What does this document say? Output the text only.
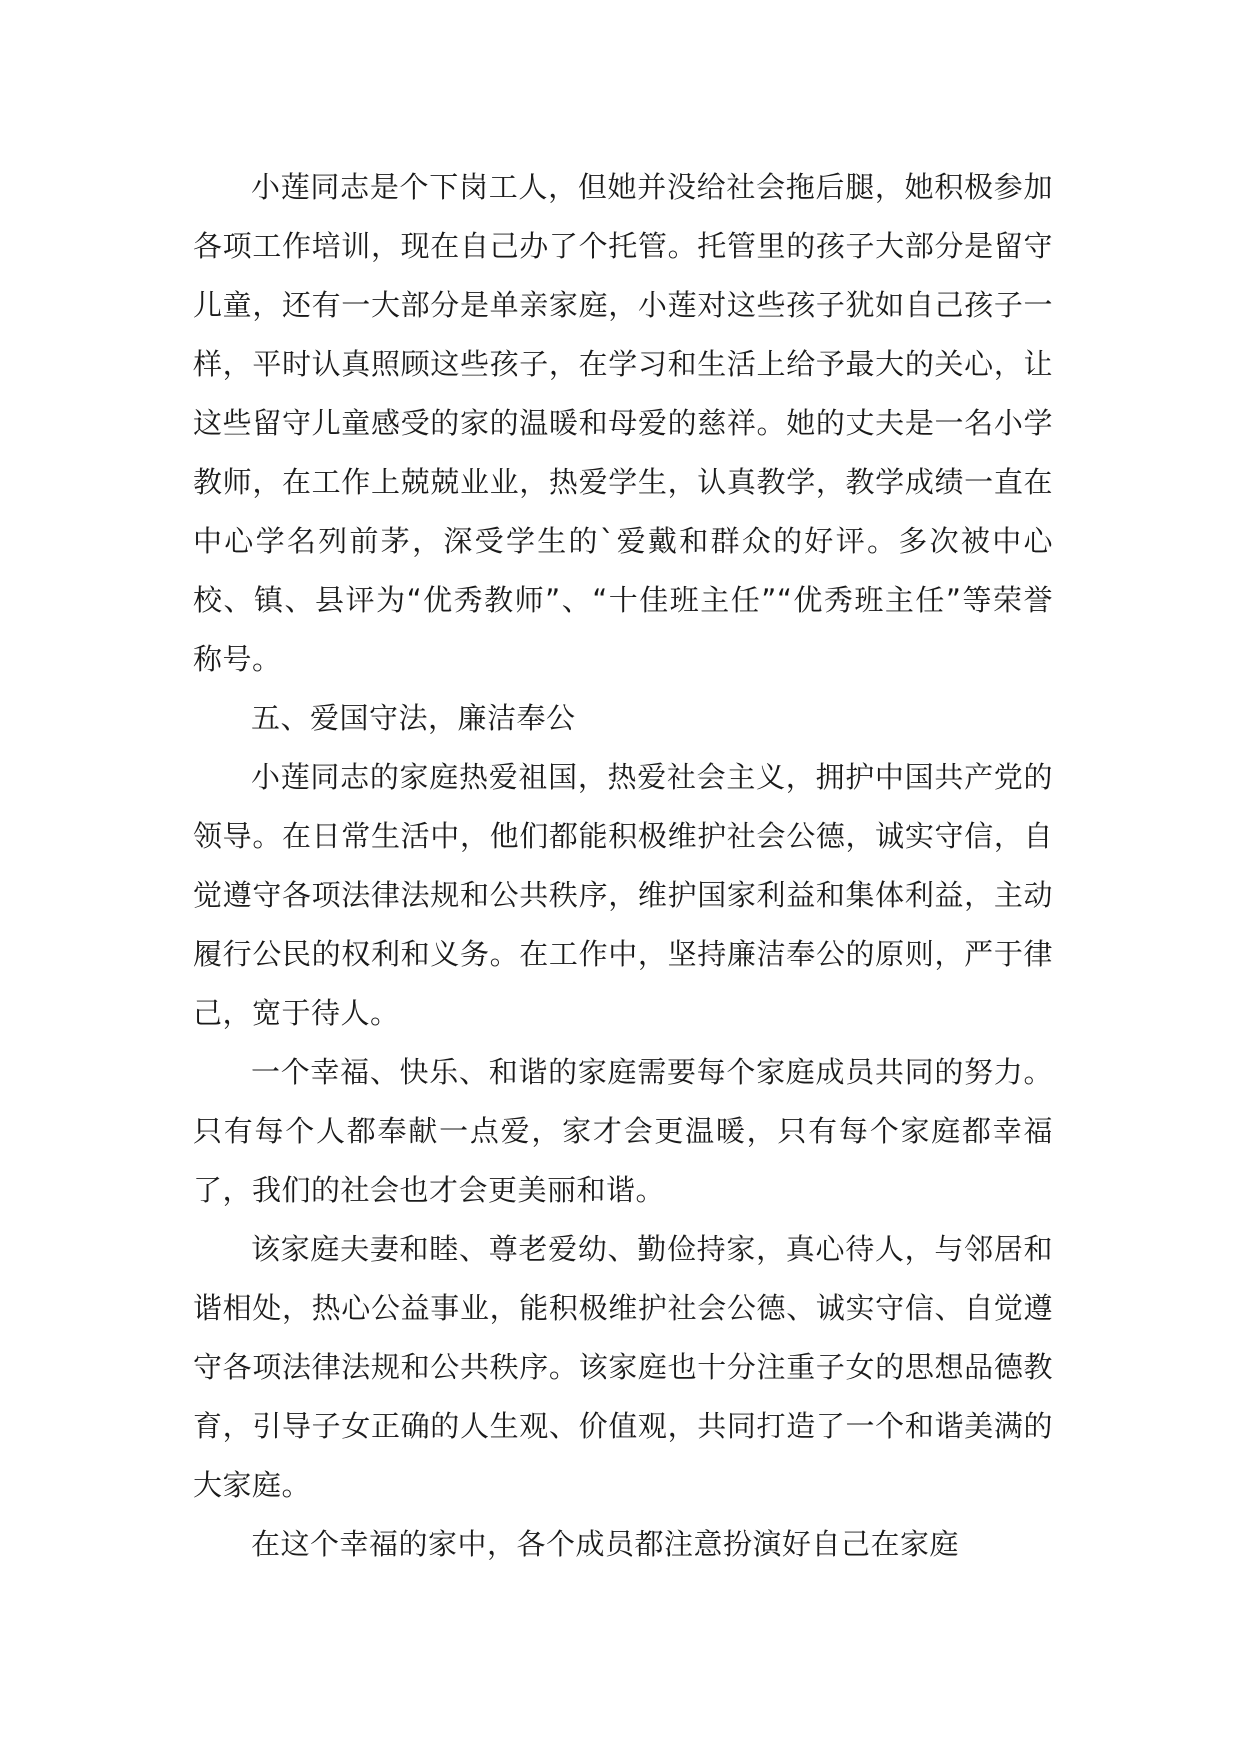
小莲同志是个下岗工人，但她并没给社会拖后腿，她积极参加各项工作培训，现在自己办了个托管。托管里的孩子大部分是留守儿童，还有一大部分是单亲家庭，小莲对这些孩子犹如自己孩子一样，平时认真照顾这些孩子，在学习和生活上给予最大的关心，让这些留守儿童感受的家的温暖和母爱的慈祥。她的丈夫是一名小学教师，在工作上兢兢业业，热爱学生，认真教学，教学成绩一直在中心学名列前茅，深受学生的`爱戴和群众的好评。多次被中心校、镇、县评为“优秀教师”、“十佳班主任”“优秀班主任”等荣誉称号。

五、爱国守法，廉洁奉公

小莲同志的家庭热爱祖国，热爱社会主义，拥护中国共产党的领导。在日常生活中，他们都能积极维护社会公德，诚实守信，自觉遵守各项法律法规和公共秩序，维护国家利益和集体利益，主动履行公民的权利和义务。在工作中，坚持廉洁奉公的原则，严于律己，宽于待人。

一个幸福、快乐、和谐的家庭需要每个家庭成员共同的努力。只有每个人都奉献一点爱，家才会更温暖，只有每个家庭都幸福了，我们的社会也才会更美丽和谐。

该家庭夫妻和睦、尊老爱幼、勤俭持家，真心待人，与邻居和谐相处，热心公益事业，能积极维护社会公德、诚实守信、自觉遵守各项法律法规和公共秩序。该家庭也十分注重子女的思想品德教育，引导子女正确的人生观、价值观，共同打造了一个和谐美满的大家庭。

在这个幸福的家中，各个成员都注意扮演好自己在家庭
